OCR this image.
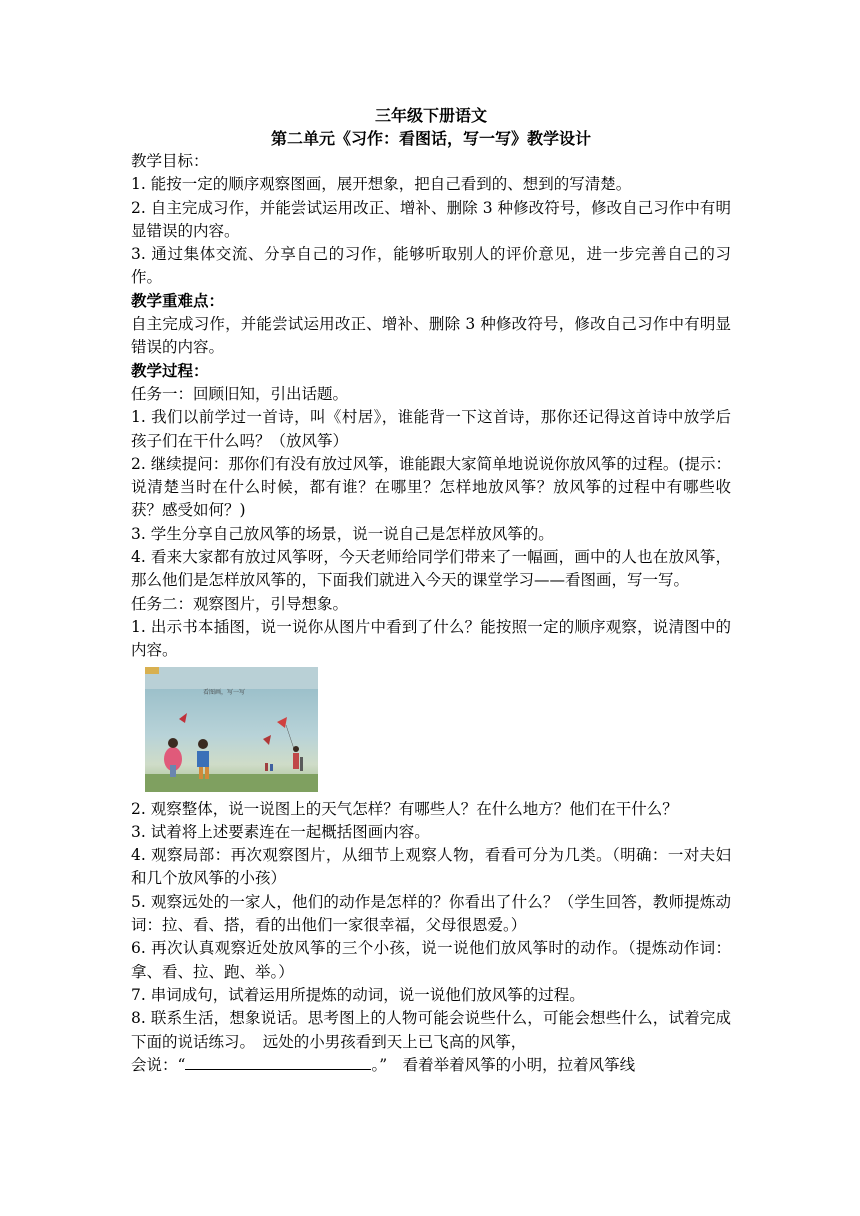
三年级下册语文

第二单元《习作：看图话，写一写》教学设计

教学目标：

1. 能按一定的顺序观察图画，展开想象，把自己看到的、想到的写清楚。

2. 自主完成习作，并能尝试运用改正、增补、删除 3 种修改符号，修改自己习作中有明显错误的内容。

3. 通过集体交流、分享自己的习作，能够听取别人的评价意见，进一步完善自己的习作。

教学重难点：

自主完成习作，并能尝试运用改正、增补、删除 3 种修改符号，修改自己习作中有明显错误的内容。

教学过程：

任务一：回顾旧知，引出话题。

1. 我们以前学过一首诗，叫《村居》，谁能背一下这首诗，那你还记得这首诗中放学后孩子们在干什么吗？（放风筝）

2. 继续提问：那你们有没有放过风筝，谁能跟大家简单地说说你放风筝的过程。(提示：说清楚当时在什么时候，都有谁？在哪里？怎样地放风筝？放风筝的过程中有哪些收获？感受如何？)

3. 学生分享自己放风筝的场景，说一说自己是怎样放风筝的。

4. 看来大家都有放过风筝呀，今天老师给同学们带来了一幅画，画中的人也在放风筝，那么他们是怎样放风筝的，下面我们就进入今天的课堂学习——看图画，写一写。

任务二：观察图片，引导想象。

1. 出示书本插图，说一说你从图片中看到了什么？能按照一定的顺序观察，说清图中的内容。

看图画，写一写

2. 观察整体，说一说图上的天气怎样？有哪些人？在什么地方？他们在干什么？

3. 试着将上述要素连在一起概括图画内容。

4. 观察局部：再次观察图片，从细节上观察人物，看看可分为几类。（明确：一对夫妇和几个放风筝的小孩）

5. 观察远处的一家人，他们的动作是怎样的？你看出了什么？（学生回答，教师提炼动词：拉、看、搭，看的出他们一家很幸福，父母很恩爱。）

6. 再次认真观察近处放风筝的三个小孩，说一说他们放风筝时的动作。（提炼动作词：拿、看、拉、跑、举。）

7. 串词成句，试着运用所提炼的动词，说一说他们放风筝的过程。

8. 联系生活，想象说话。思考图上的人物可能会说些什么，可能会想些什么，试着完成下面的说话练习。　远处的小男孩看到天上已飞高的风筝，

会说：“	。”　看着举着风筝的小明，拉着风筝线
